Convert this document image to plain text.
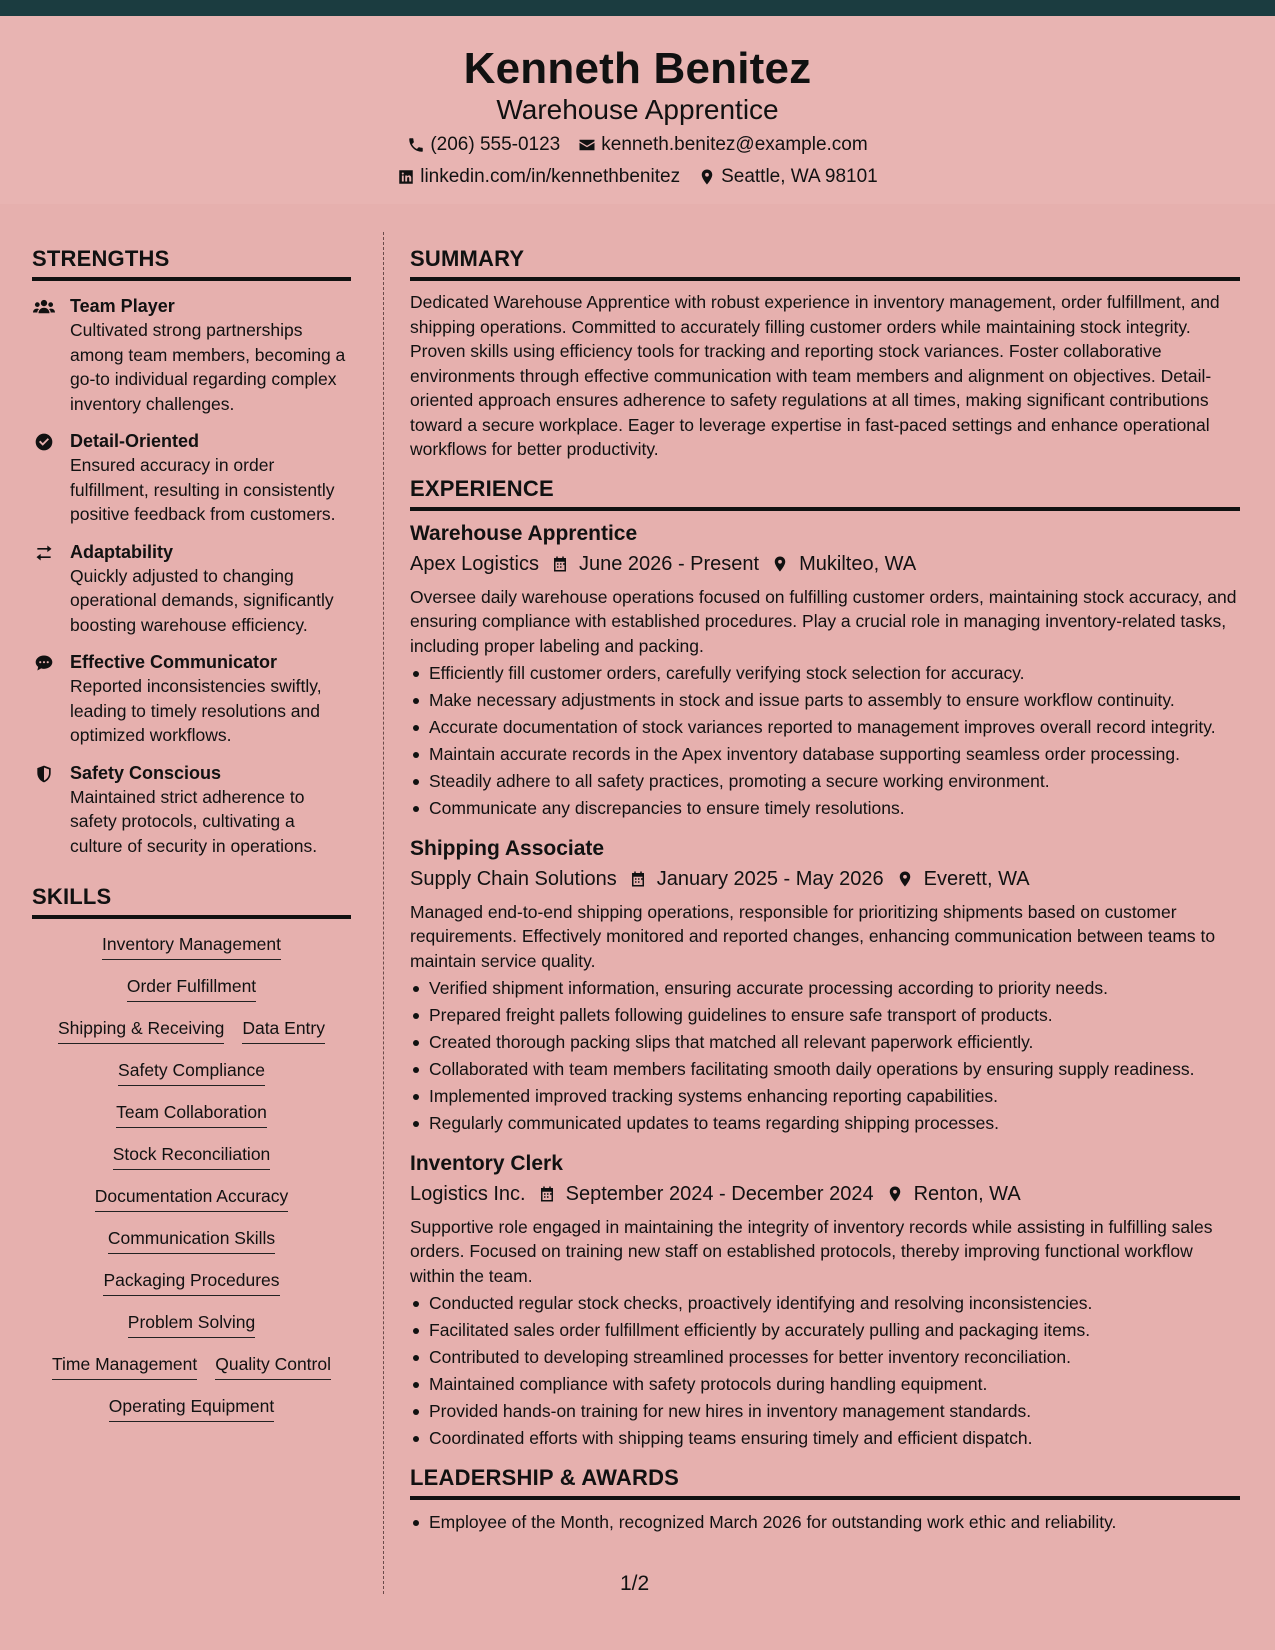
Kenneth Benitez
Warehouse Apprentice
(206) 555-0123 kenneth.benitez@example.com
linkedin.com/in/kennethbenitez Seattle, WA 98101
STRENGTHS
Team Player
Cultivated strong partnerships among team members, becoming a go-to individual regarding complex inventory challenges.
Detail-Oriented
Ensured accuracy in order fulfillment, resulting in consistently positive feedback from customers.
Adaptability
Quickly adjusted to changing operational demands, significantly boosting warehouse efficiency.
Effective Communicator
Reported inconsistencies swiftly, leading to timely resolutions and optimized workflows.
Safety Conscious
Maintained strict adherence to safety protocols, cultivating a culture of security in operations.
SKILLS
Inventory Management
Order Fulfillment
Shipping & Receiving Data Entry
Safety Compliance
Team Collaboration
Stock Reconciliation
Documentation Accuracy
Communication Skills
Packaging Procedures
Problem Solving
Time Management Quality Control
Operating Equipment
SUMMARY
Dedicated Warehouse Apprentice with robust experience in inventory management, order fulfillment, and shipping operations. Committed to accurately filling customer orders while maintaining stock integrity. Proven skills using efficiency tools for tracking and reporting stock variances. Foster collaborative environments through effective communication with team members and alignment on objectives. Detail-oriented approach ensures adherence to safety regulations at all times, making significant contributions toward a secure workplace. Eager to leverage expertise in fast-paced settings and enhance operational workflows for better productivity.
EXPERIENCE
Warehouse Apprentice
Apex Logistics June 2026 - Present Mukilteo, WA
Oversee daily warehouse operations focused on fulfilling customer orders, maintaining stock accuracy, and ensuring compliance with established procedures. Play a crucial role in managing inventory-related tasks, including proper labeling and packing.
Efficiently fill customer orders, carefully verifying stock selection for accuracy.
Make necessary adjustments in stock and issue parts to assembly to ensure workflow continuity.
Accurate documentation of stock variances reported to management improves overall record integrity.
Maintain accurate records in the Apex inventory database supporting seamless order processing.
Steadily adhere to all safety practices, promoting a secure working environment.
Communicate any discrepancies to ensure timely resolutions.
Shipping Associate
Supply Chain Solutions January 2025 - May 2026 Everett, WA
Managed end-to-end shipping operations, responsible for prioritizing shipments based on customer requirements. Effectively monitored and reported changes, enhancing communication between teams to maintain service quality.
Verified shipment information, ensuring accurate processing according to priority needs.
Prepared freight pallets following guidelines to ensure safe transport of products.
Created thorough packing slips that matched all relevant paperwork efficiently.
Collaborated with team members facilitating smooth daily operations by ensuring supply readiness.
Implemented improved tracking systems enhancing reporting capabilities.
Regularly communicated updates to teams regarding shipping processes.
Inventory Clerk
Logistics Inc. September 2024 - December 2024 Renton, WA
Supportive role engaged in maintaining the integrity of inventory records while assisting in fulfilling sales orders. Focused on training new staff on established protocols, thereby improving functional workflow within the team.
Conducted regular stock checks, proactively identifying and resolving inconsistencies.
Facilitated sales order fulfillment efficiently by accurately pulling and packaging items.
Contributed to developing streamlined processes for better inventory reconciliation.
Maintained compliance with safety protocols during handling equipment.
Provided hands-on training for new hires in inventory management standards.
Coordinated efforts with shipping teams ensuring timely and efficient dispatch.
LEADERSHIP & AWARDS
Employee of the Month, recognized March 2026 for outstanding work ethic and reliability.
1/2
